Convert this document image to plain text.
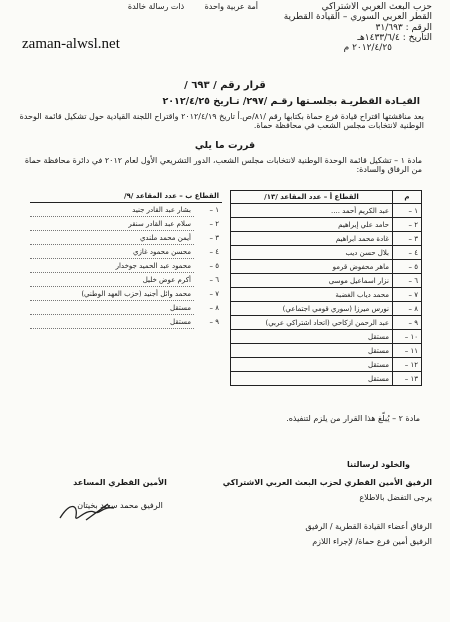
حزب البعث العربي الاشتراكي
القطر العربي السوري – القيادة القطرية
الرقم : ٣١/٦٩٣
التاريخ : ١٤٣٣/٦/٤هـ
٢٠١٢/٤/٢٥ م
أمة عربية واحدة        ذات رسالة خالدة
zaman-alwsl.net
قرار رقم / ٦٩٣ /
القيـادة القطريـة بجلسـتها رقـم /٢٩٧/ تـاريخ ٢٠١٢/٤/٢٥
بعد مناقشتها اقتراح قيادة فرع حماة بكتابها رقم /٨١/ص.أ تاريخ ٢٠١٢/٤/١٩ واقتراح اللجنة القيادية حول تشكيل قائمة الوحدة الوطنية لانتخابات مجلس الشعب في محافظة حماة.
قررت ما يلي
مادة ١ – تشكيل قائمة الوحدة الوطنية لانتخابات مجلس الشعب، الدور التشريعي الأول لعام ٢٠١٢ في دائرة محافظة حماة من الرفاق والسادة:
م	القطاع أ – عدد المقاعد /١٣/
١ –	عبد الكريم أحمد ....
٢ –	حامد علي إبراهيم
٣ –	غادة محمد ابراهيم
٤ –	بلال حسن ديب
٥ –	ماهر محفوض قرمو
٦ –	نزار اسماعيل موسى
٧ –	محمد دياب الغضبة
٨ –	نورس ميرزا (سوري قومي اجتماعي)
٩ –	عبد الرحمن ازكاحي (اتحاد اشتراكي عربي)
١٠ –	مستقل
١١ –	مستقل
١٢ –	مستقل
١٣ –	مستقل
القطاع ب – عدد المقاعد /٩/	
١ –	بشار عبد القادر جنيد
٢ –	سلام عبد القادر سنقر
٣ –	أيمن محمد ملندي
٤ –	محسن محمود غازي
٥ –	محمود عبد الحميد جوخدار
٦ –	أكرم عوض خليل
٧ –	محمد وائل أجنيد (حزب العهد الوطني)
٨ –	مستقل
٩ –	مستقل
مادة ٢ – يُبلّغ هذا القرار من يلزم لتنفيذه.
والخلود لرسالتنا
الرفيق الأمين القطري لحزب البعث العربي الاشتراكي
يرجى التفضل بالاطلاع
الأمين القطري المساعد
الرفيق محمد سعيد بخيتان
الرفاق أعضاء القيادة القطرية / الرفيق
الرفيق أمين فرع حماة/ لإجراء اللازم
